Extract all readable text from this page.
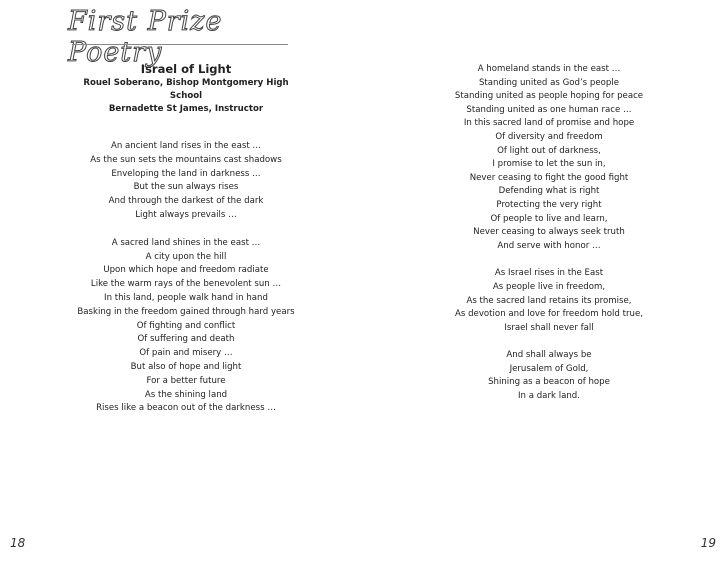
First Prize Poetry
Israel of Light
Rouel Soberano, Bishop Montgomery High School
Bernadette St James, Instructor
An ancient land rises in the east …
As the sun sets the mountains cast shadows
Enveloping the land in darkness …
But the sun always rises
And through the darkest of the dark
Light always prevails …
A sacred land shines in the east …
A city upon the hill
Upon which hope and freedom radiate
Like the warm rays of the benevolent sun …
In this land, people walk hand in hand
Basking in the freedom gained through hard years
Of fighting and conflict
Of suffering and death
Of pain and misery …
But also of hope and light
For a better future
As the shining land
Rises like a beacon out of the darkness …
A homeland stands in the east …
Standing united as God’s people
Standing united as people hoping for peace
Standing united as one human race …
In this sacred land of promise and hope
Of diversity and freedom
Of light out of darkness,
I promise to let the sun in,
Never ceasing to fight the good fight
Defending what is right
Protecting the very right
Of people to live and learn,
Never ceasing to always seek truth
And serve with honor …
As Israel rises in the East
As people live in freedom,
As the sacred land retains its promise,
As devotion and love for freedom hold true,
Israel shall never fall
And shall always be
Jerusalem of Gold,
Shining as a beacon of hope
In a dark land.
18	19
